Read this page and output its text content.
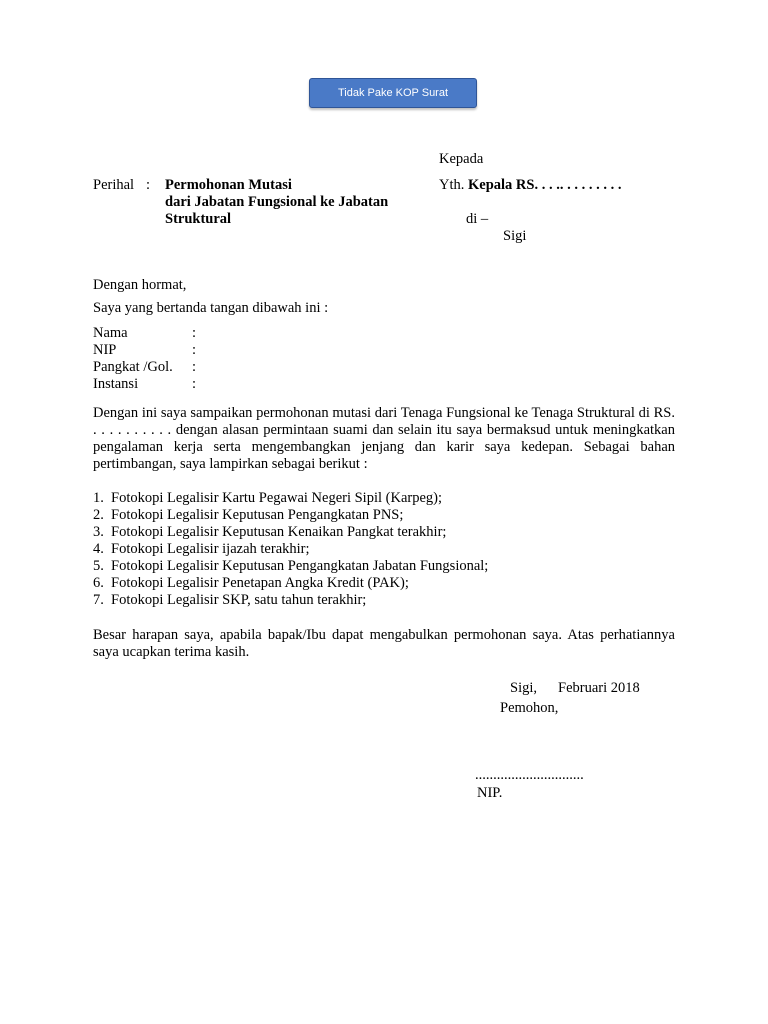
Tidak Pake KOP Surat
Kepada
Yth. Kepala RS. . . .. . . . . . . . .
di –
Sigi
Perihal : Permohonan Mutasi
dari Jabatan Fungsional ke Jabatan
Struktural
Dengan hormat,
Saya yang bertanda tangan dibawah ini :
Nama	:
NIP	:
Pangkat /Gol. :
Instansi	:
Dengan ini saya sampaikan permohonan mutasi dari Tenaga Fungsional ke Tenaga Struktural di RS. . . . . . . . . . . dengan alasan permintaan suami dan selain itu saya bermaksud untuk meningkatkan pengalaman kerja serta mengembangkan jenjang dan karir saya kedepan. Sebagai bahan pertimbangan, saya lampirkan sebagai berikut :
1. Fotokopi Legalisir Kartu Pegawai Negeri Sipil (Karpeg);
2. Fotokopi Legalisir Keputusan Pengangkatan PNS;
3. Fotokopi Legalisir Keputusan Kenaikan Pangkat terakhir;
4. Fotokopi Legalisir ijazah terakhir;
5. Fotokopi Legalisir Keputusan Pengangkatan Jabatan Fungsional;
6. Fotokopi Legalisir Penetapan Angka Kredit (PAK);
7. Fotokopi Legalisir SKP, satu tahun terakhir;
Besar harapan saya, apabila bapak/Ibu dapat mengabulkan permohonan saya. Atas perhatiannya saya ucapkan terima kasih.
Sigi, Februari 2018
Pemohon,
..............................
NIP.
